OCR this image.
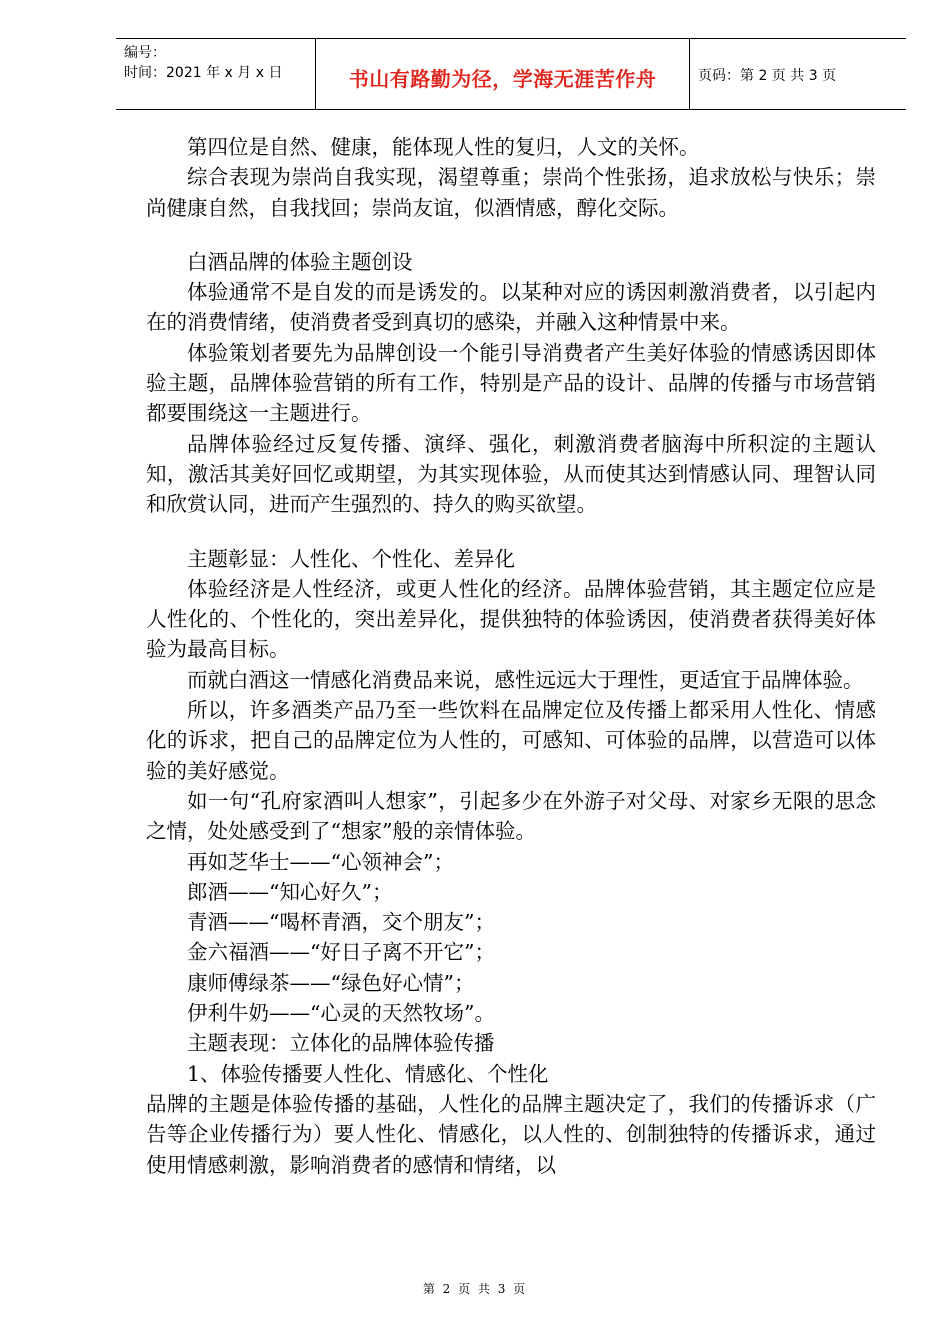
编号：
时间：2021 年 x 月 x 日	书山有路勤为径，学海无涯苦作舟	页码：第 2 页 共 3 页

第四位是自然、健康，能体现人性的复归，人文的关怀。

综合表现为崇尚自我实现，渴望尊重；崇尚个性张扬，追求放松与快乐；崇尚健康自然，自我找回；崇尚友谊，似酒情感，醇化交际。

白酒品牌的体验主题创设

体验通常不是自发的而是诱发的。以某种对应的诱因刺激消费者，以引起内在的消费情绪，使消费者受到真切的感染，并融入这种情景中来。

体验策划者要先为品牌创设一个能引导消费者产生美好体验的情感诱因即体验主题，品牌体验营销的所有工作，特别是产品的设计、品牌的传播与市场营销都要围绕这一主题进行。

品牌体验经过反复传播、演绎、强化，刺激消费者脑海中所积淀的主题认知，激活其美好回忆或期望，为其实现体验，从而使其达到情感认同、理智认同和欣赏认同，进而产生强烈的、持久的购买欲望。

主题彰显：人性化、个性化、差异化

体验经济是人性经济，或更人性化的经济。品牌体验营销，其主题定位应是人性化的、个性化的，突出差异化，提供独特的体验诱因，使消费者获得美好体验为最高目标。

而就白酒这一情感化消费品来说，感性远远大于理性，更适宜于品牌体验。

所以，许多酒类产品乃至一些饮料在品牌定位及传播上都采用人性化、情感化的诉求，把自己的品牌定位为人性的，可感知、可体验的品牌，以营造可以体验的美好感觉。

如一句“孔府家酒叫人想家”，引起多少在外游子对父母、对家乡无限的思念之情，处处感受到了“想家”般的亲情体验。

再如芝华士——“心领神会”；

郎酒——“知心好久”；

青酒——“喝杯青酒，交个朋友”；

金六福酒——“好日子离不开它”；

康师傅绿茶——“绿色好心情”；

伊利牛奶——“心灵的天然牧场”。

主题表现：立体化的品牌体验传播

1、体验传播要人性化、情感化、个性化

品牌的主题是体验传播的基础，人性化的品牌主题决定了，我们的传播诉求（广告等企业传播行为）要人性化、情感化，以人性的、创制独特的传播诉求，通过使用情感刺激，影响消费者的感情和情绪，以

第 2 页 共 3 页
